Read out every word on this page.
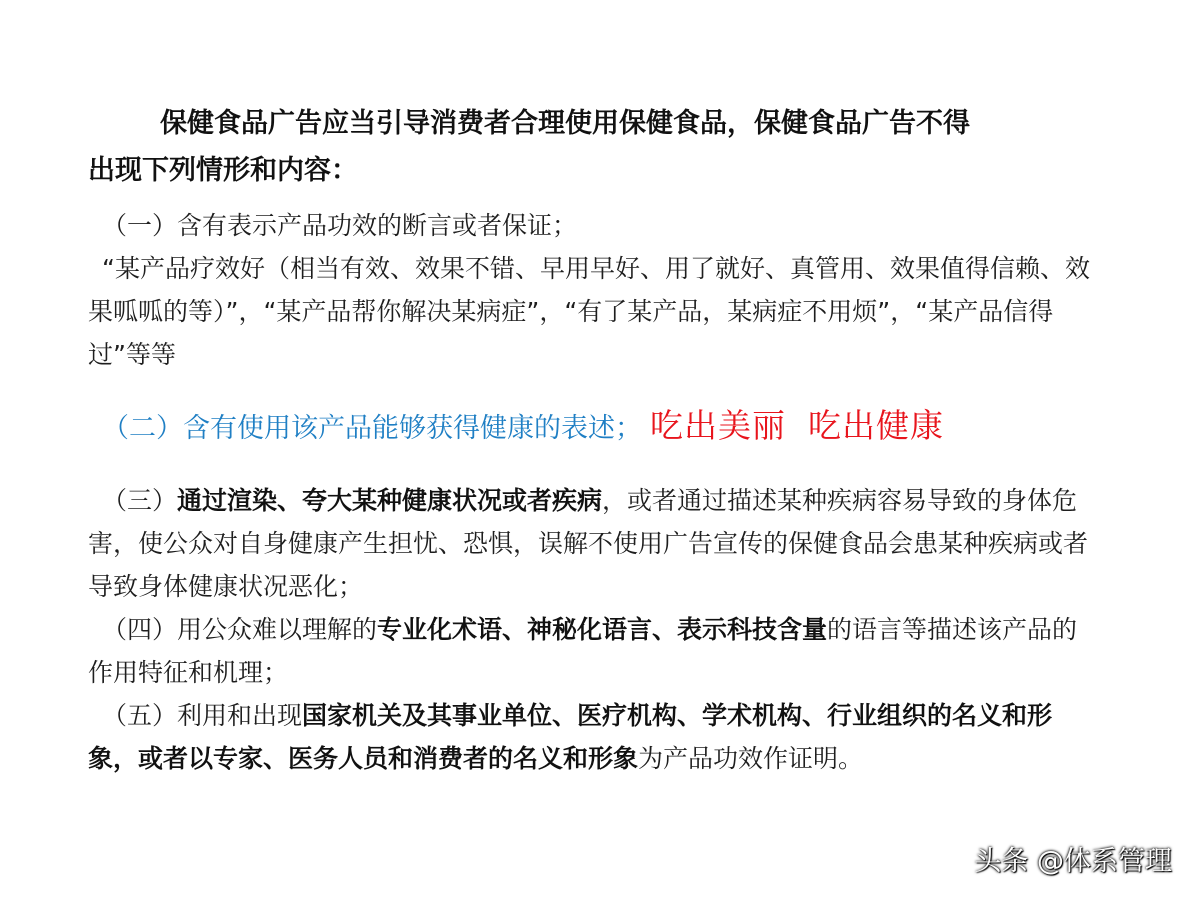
保健食品广告应当引导消费者合理使用保健食品，保健食品广告不得
出现下列情形和内容：

（一）含有表示产品功效的断言或者保证；

“某产品疗效好（相当有效、效果不错、早用早好、用了就好、真管用、效果值得信赖、效果呱呱的等）”，“某产品帮你解决某病症”，“有了某产品，某病症不用烦”，“某产品信得过”等等

（二）含有使用该产品能够获得健康的表述； 吃出美丽 吃出健康

（三）通过渲染、夸大某种健康状况或者疾病，或者通过描述某种疾病容易导致的身体危害，使公众对自身健康产生担忧、恐惧，误解不使用广告宣传的保健食品会患某种疾病或者导致身体健康状况恶化；

（四）用公众难以理解的专业化术语、神秘化语言、表示科技含量的语言等描述该产品的作用特征和机理；

（五）利用和出现国家机关及其事业单位、医疗机构、学术机构、行业组织的名义和形象，或者以专家、医务人员和消费者的名义和形象为产品功效作证明。

头条 @体系管理
